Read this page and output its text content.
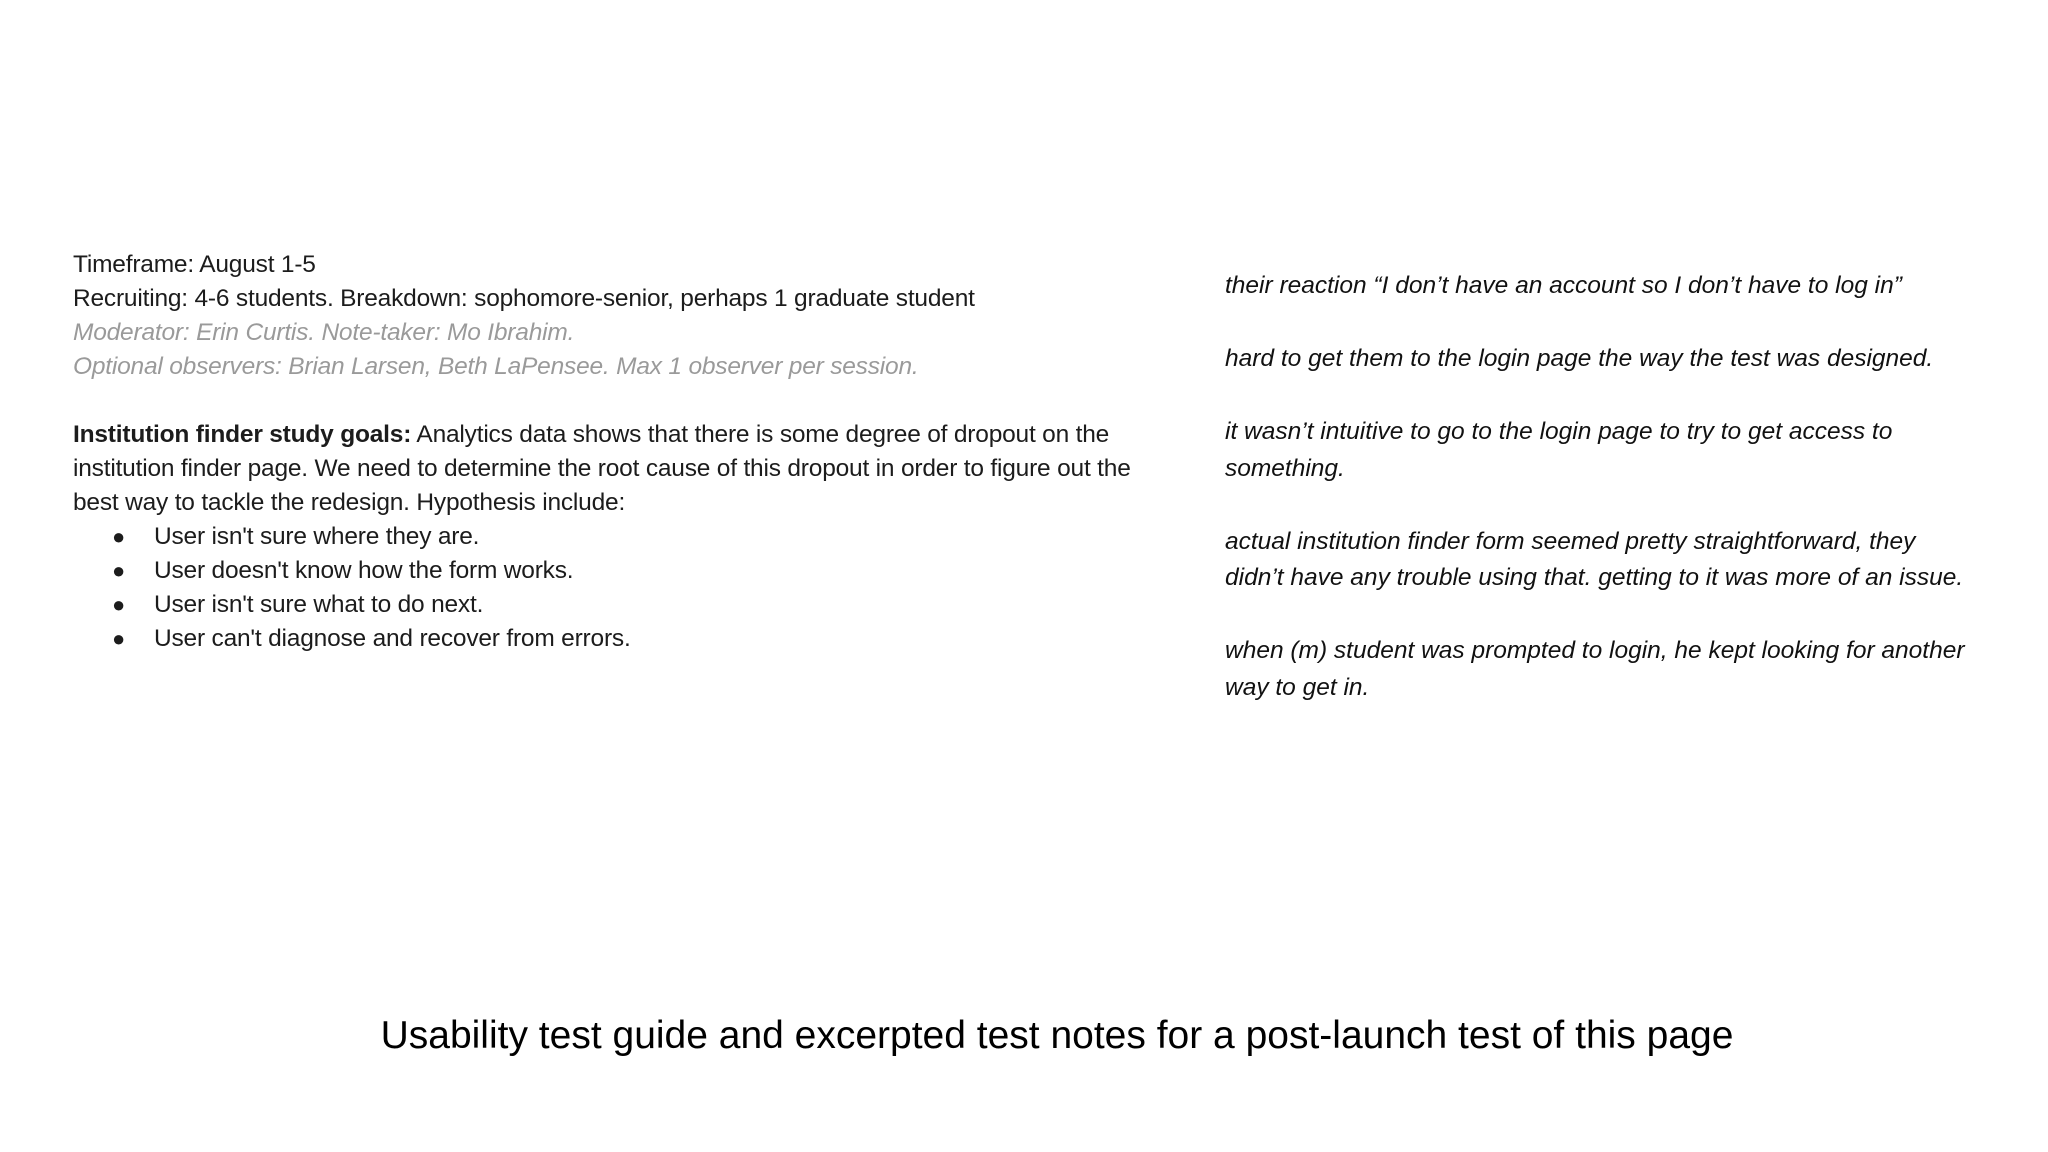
Timeframe: August 1-5
Recruiting: 4-6 students. Breakdown: sophomore-senior, perhaps 1 graduate student
Moderator: Erin Curtis. Note-taker: Mo Ibrahim.
Optional observers: Brian Larsen, Beth LaPensee. Max 1 observer per session.
Institution finder study goals: Analytics data shows that there is some degree of dropout on the institution finder page. We need to determine the root cause of this dropout in order to figure out the best way to tackle the redesign. Hypothesis include:
● User isn't sure where they are.
● User doesn't know how the form works.
● User isn't sure what to do next.
● User can't diagnose and recover from errors.

their reaction “I don’t have an account so I don’t have to log in”

hard to get them to the login page the way the test was designed.

it wasn’t intuitive to go to the login page to try to get access to something.

actual institution finder form seemed pretty straightforward, they didn’t have any trouble using that. getting to it was more of an issue.

when (m) student was prompted to login, he kept looking for another way to get in.

Usability test guide and excerpted test notes for a post-launch test of this page
